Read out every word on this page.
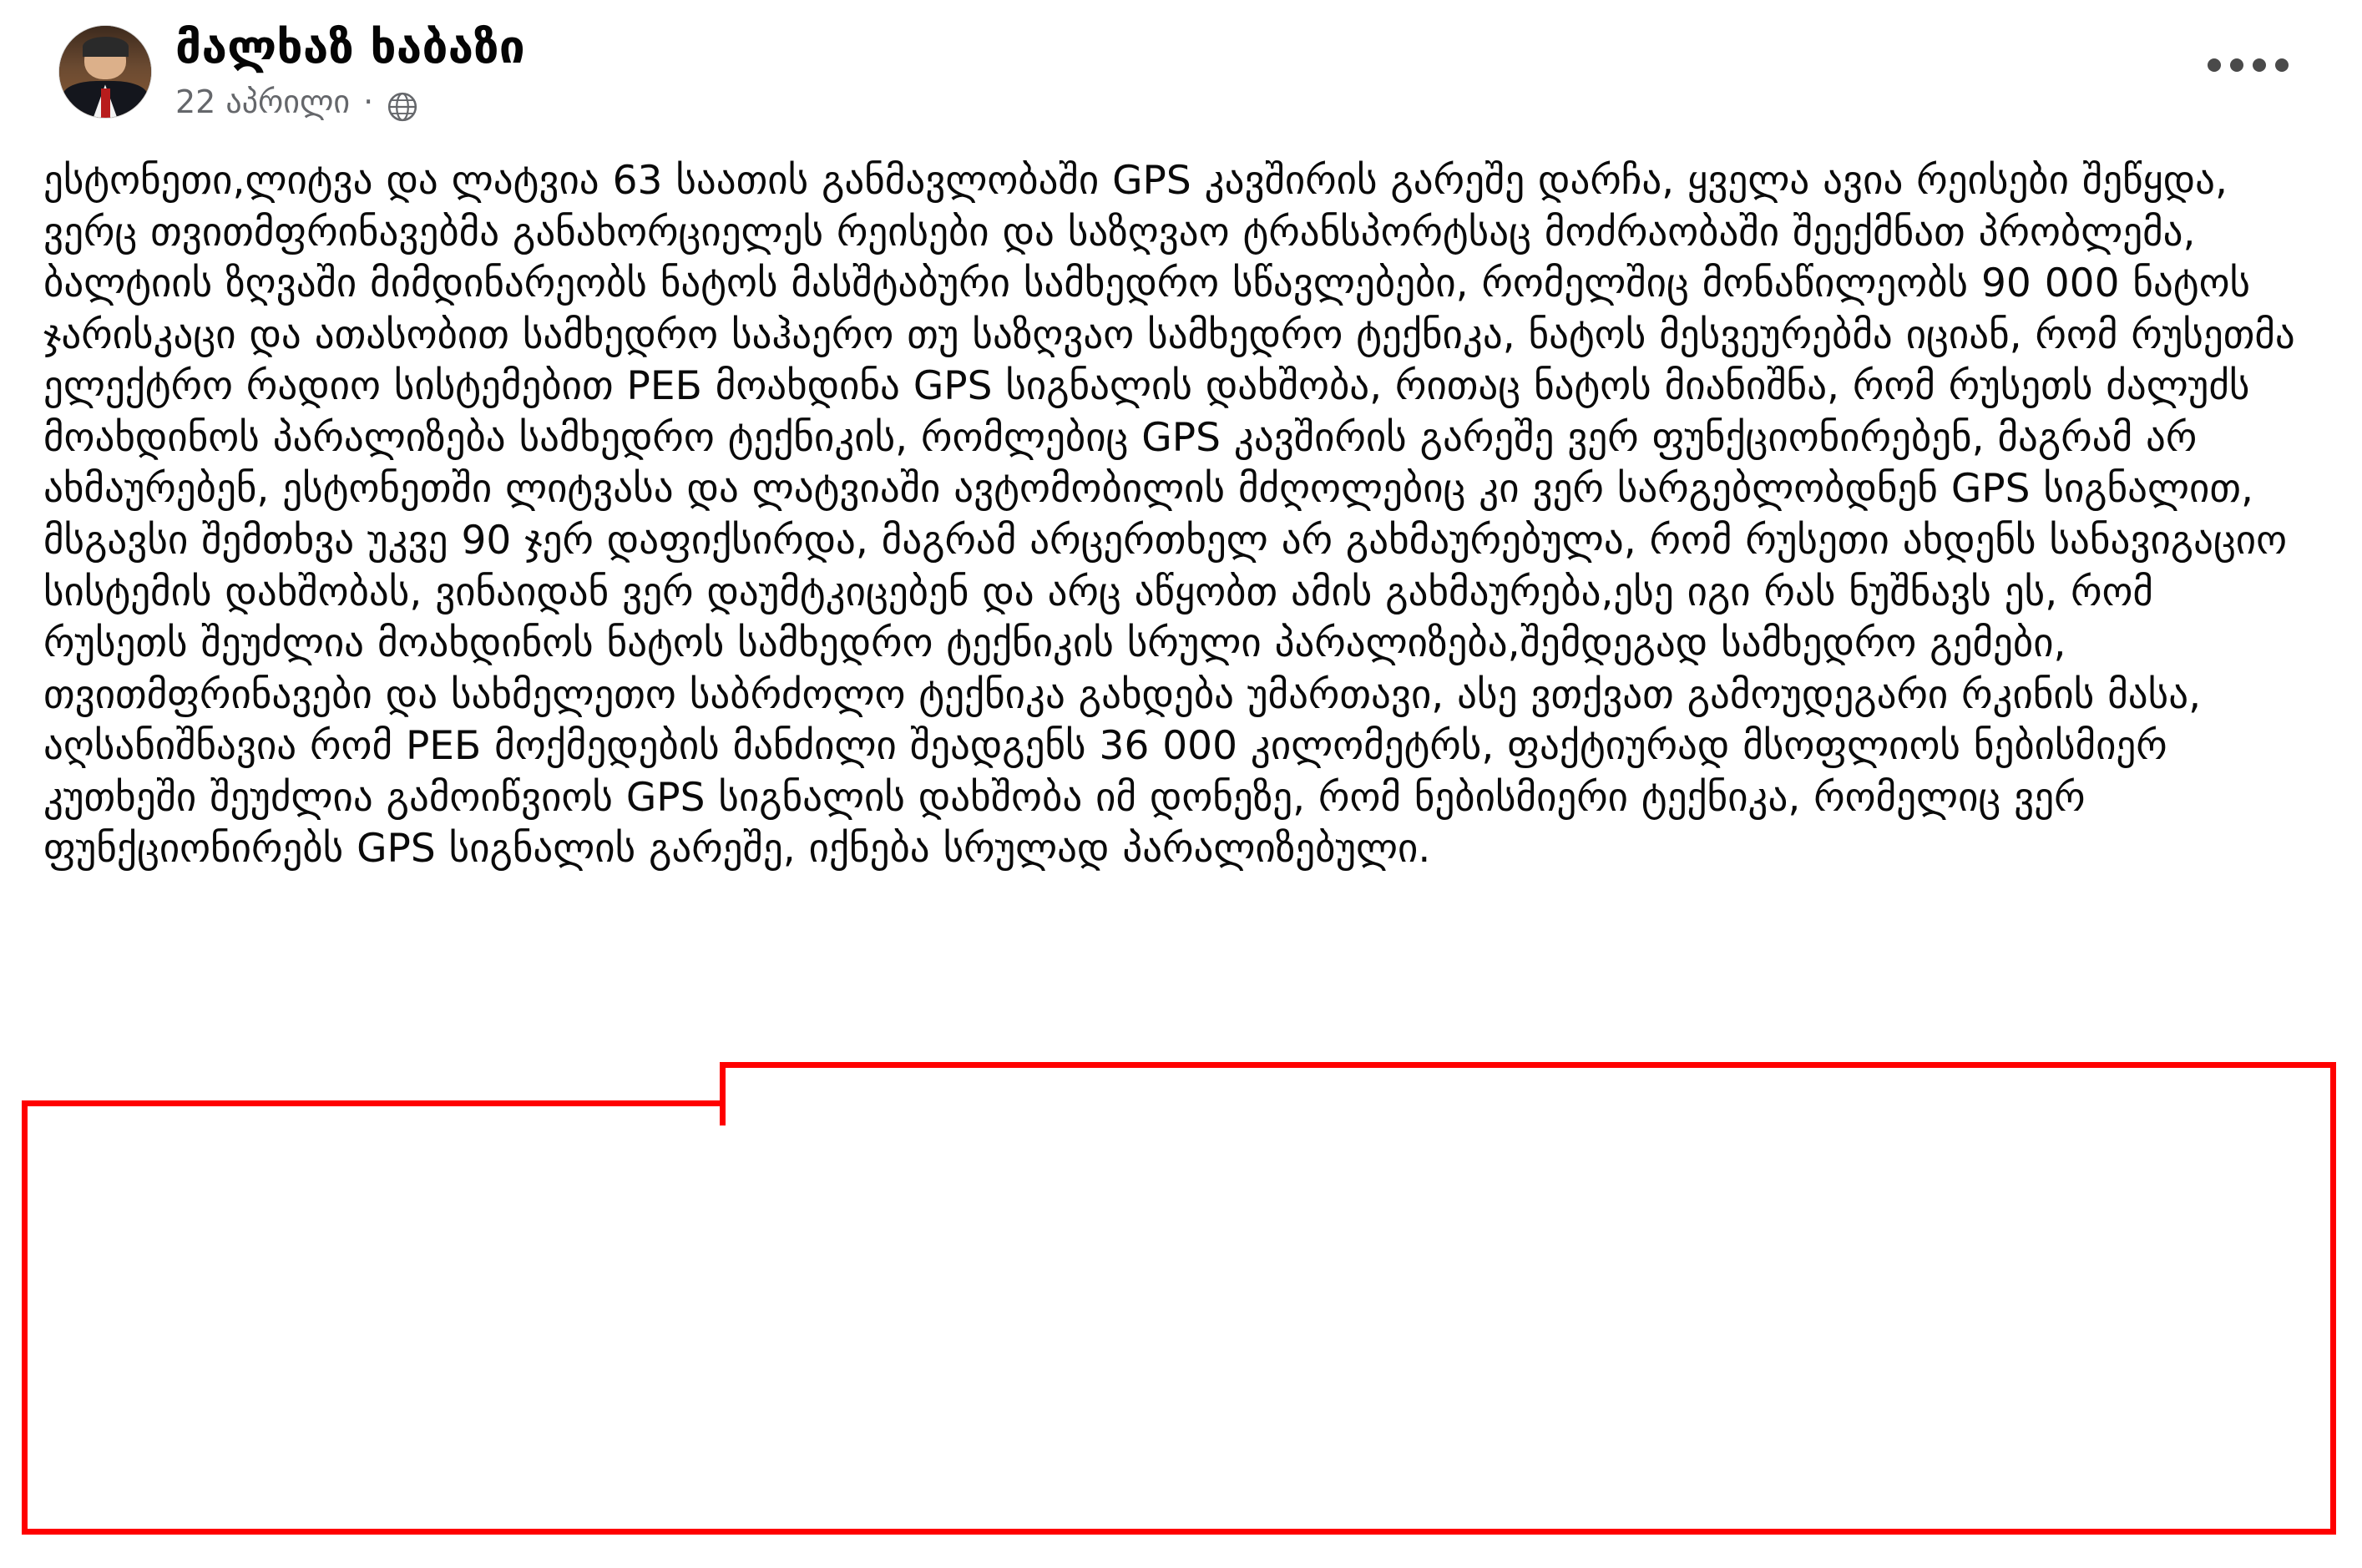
მალხაზ ხაბაზი
22 აპრილი ·

ესტონეთი,ლიტვა და ლატვია 63 საათის განმავლობაში GPS კავშირის გარეშე დარჩა, ყველა ავია რეისები შეწყდა, ვერც თვითმფრინავებმა განახორციელეს რეისები და საზღვაო ტრანსპორტსაც მოძრაობაში შეექმნათ პრობლემა, ბალტიის ზღვაში მიმდინარეობს ნატოს მასშტაბური სამხედრო სწავლებები, რომელშიც მონაწილეობს 90 000 ნატოს ჯარისკაცი და ათასობით სამხედრო საჰაერო თუ საზღვაო სამხედრო ტექნიკა, ნატოს მესვეურებმა იციან, რომ რუსეთმა ელექტრო რადიო სისტემებით РЕБ მოახდინა GPS სიგნალის დახშობა, რითაც ნატოს მიანიშნა, რომ რუსეთს ძალუძს მოახდინოს პარალიზება სამხედრო ტექნიკის, რომლებიც GPS კავშირის გარეშე ვერ ფუნქციონირებენ, მაგრამ არ ახმაურებენ, ესტონეთში ლიტვასა და ლატვიაში ავტომობილის მძღოლებიც კი ვერ სარგებლობდნენ GPS სიგნალით, მსგავსი შემთხვა უკვე 90 ჯერ დაფიქსირდა, მაგრამ არცერთხელ არ გახმაურებულა, რომ რუსეთი ახდენს სანავიგაციო სისტემის დახშობას, ვინაიდან ვერ დაუმტკიცებენ და არც აწყობთ ამის გახმაურება,ესე იგი რას ნუშნავს ეს, რომ რუსეთს შეუძლია მოახდინოს ნატოს სამხედრო ტექნიკის სრული პარალიზება,შემდეგად სამხედრო გემები, თვითმფრინავები და სახმელეთო საბრძოლო ტექნიკა გახდება უმართავი, ასე ვთქვათ გამოუდეგარი რკინის მასა, აღსანიშნავია რომ РЕБ მოქმედების მანძილი შეადგენს 36 000 კილომეტრს, ფაქტიურად მსოფლიოს ნებისმიერ კუთხეში შეუძლია გამოიწვიოს GPS სიგნალის დახშობა იმ დონეზე, რომ ნებისმიერი ტექნიკა, რომელიც ვერ ფუნქციონირებს GPS სიგნალის გარეშე, იქნება სრულად პარალიზებული.
